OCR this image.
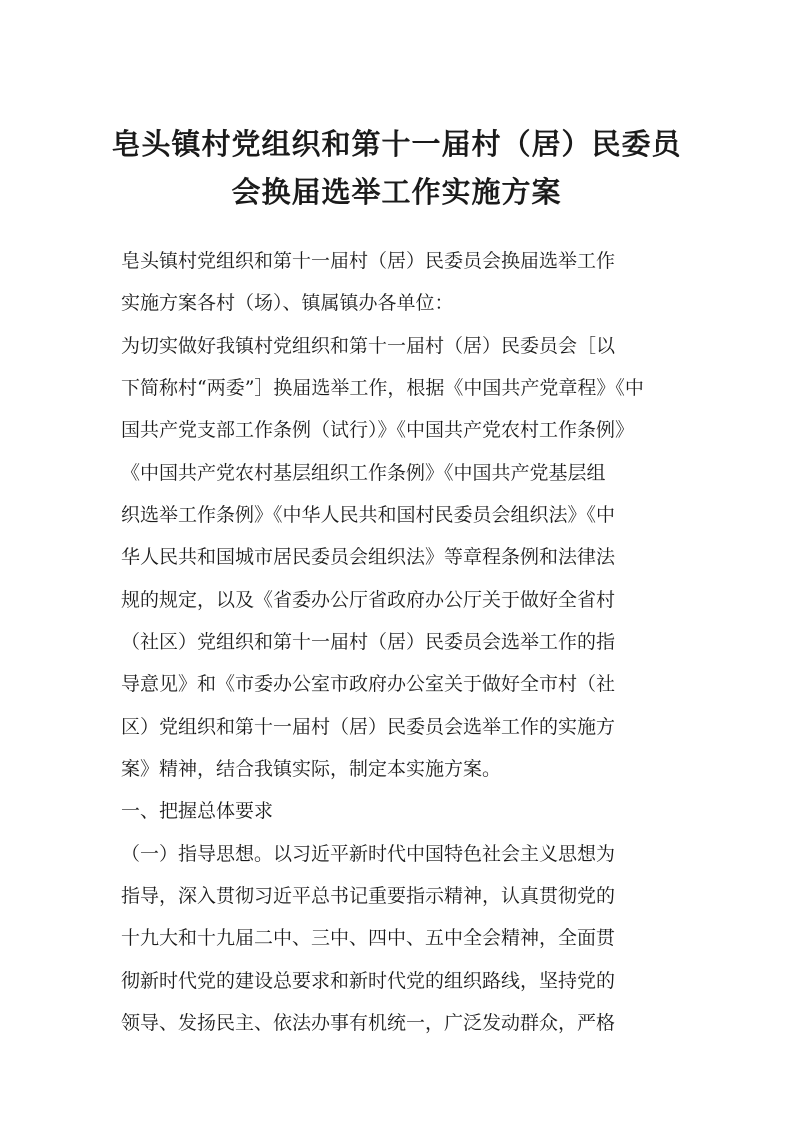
皂头镇村党组织和第十一届村（居）民委员
会换届选举工作实施方案

皂头镇村党组织和第十一届村（居）民委员会换届选举工作

实施方案各村（场）、镇属镇办各单位：

为切实做好我镇村党组织和第十一届村（居）民委员会［以

下简称村“两委”］换届选举工作，根据《中国共产党章程》《中

国共产党支部工作条例（试行）》《中国共产党农村工作条例》

《中国共产党农村基层组织工作条例》《中国共产党基层组

织选举工作条例》《中华人民共和国村民委员会组织法》《中

华人民共和国城市居民委员会组织法》等章程条例和法律法

规的规定，以及《省委办公厅省政府办公厅关于做好全省村

（社区）党组织和第十一届村（居）民委员会选举工作的指

导意见》和《市委办公室市政府办公室关于做好全市村（社

区）党组织和第十一届村（居）民委员会选举工作的实施方

案》精神，结合我镇实际，制定本实施方案。

一、把握总体要求

（一）指导思想。以习近平新时代中国特色社会主义思想为

指导，深入贯彻习近平总书记重要指示精神，认真贯彻党的

十九大和十九届二中、三中、四中、五中全会精神，全面贯

彻新时代党的建设总要求和新时代党的组织路线，坚持党的

领导、发扬民主、依法办事有机统一，广泛发动群众，严格
